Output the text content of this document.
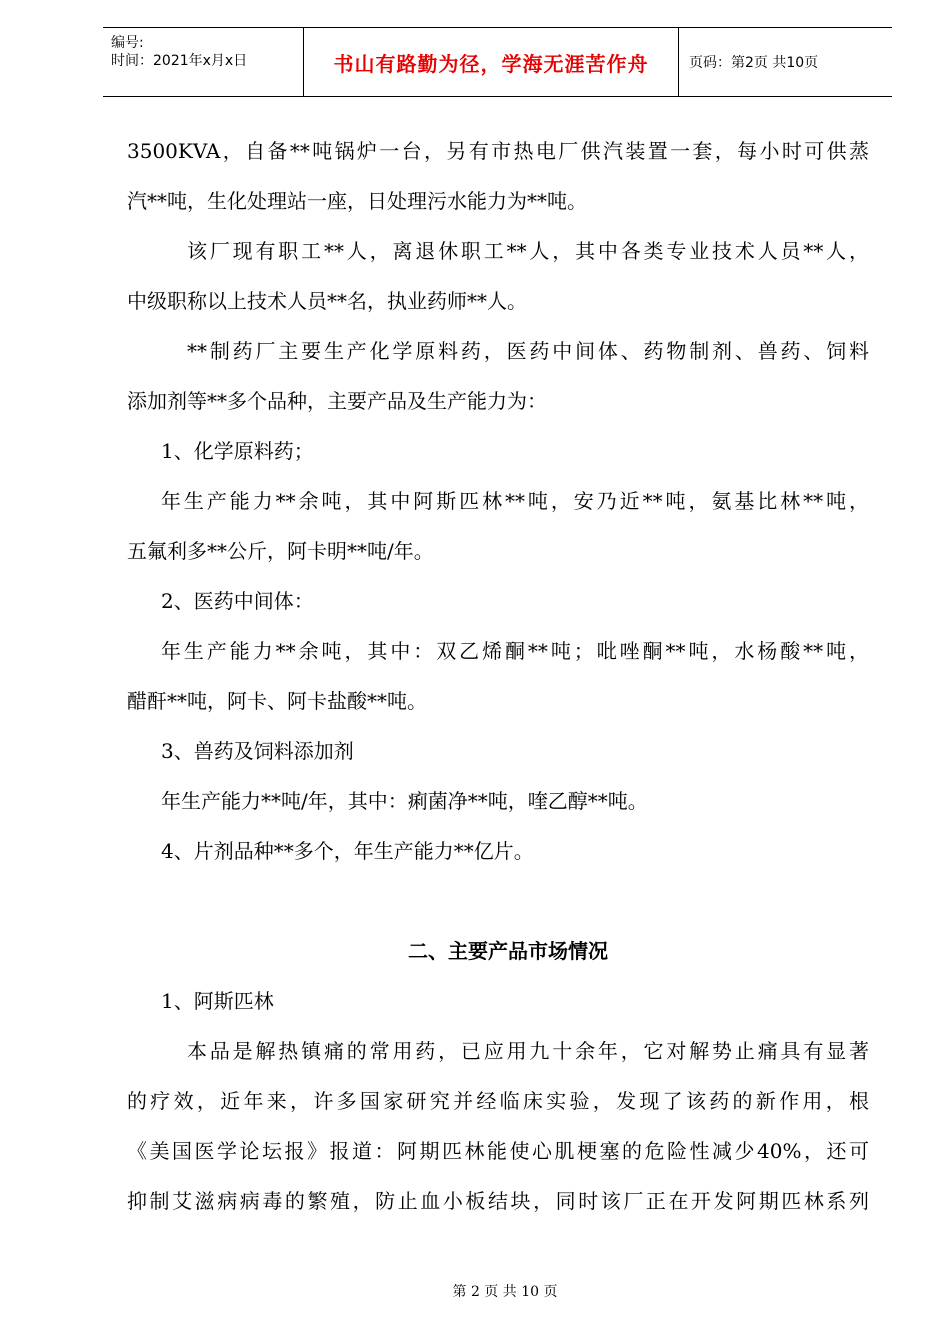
编号:
时间：2021年x月x日	书山有路勤为径，学海无涯苦作舟	页码：第2页 共10页
3500KVA，自备**吨锅炉一台，另有市热电厂供汽装置一套，每小时可供蒸
汽**吨，生化处理站一座，日处理污水能力为**吨。
该厂现有职工**人，离退休职工**人，其中各类专业技术人员**人，
中级职称以上技术人员**名，执业药师**人。
**制药厂主要生产化学原料药，医药中间体、药物制剂、兽药、饲料
添加剂等**多个品种，主要产品及生产能力为：
1、化学原料药；
年生产能力**余吨，其中阿斯匹林**吨，安乃近**吨，氨基比林**吨，
五氟利多**公斤，阿卡明**吨/年。
2、医药中间体：
年生产能力**余吨，其中：双乙烯酮**吨；吡唑酮**吨，水杨酸**吨，
醋酐**吨，阿卡、阿卡盐酸**吨。
3、兽药及饲料添加剂
年生产能力**吨/年，其中：痢菌净**吨，喹乙醇**吨。
4、片剂品种**多个，年生产能力**亿片。
二、主要产品市场情况
1、阿斯匹林
本品是解热镇痛的常用药，已应用九十余年，它对解势止痛具有显著
的疗效，近年来，许多国家研究并经临床实验，发现了该药的新作用，根
《美国医学论坛报》报道：阿期匹林能使心肌梗塞的危险性减少40%，还可
抑制艾滋病病毒的繁殖，防止血小板结块，同时该厂正在开发阿期匹林系列
第 2 页 共 10 页
